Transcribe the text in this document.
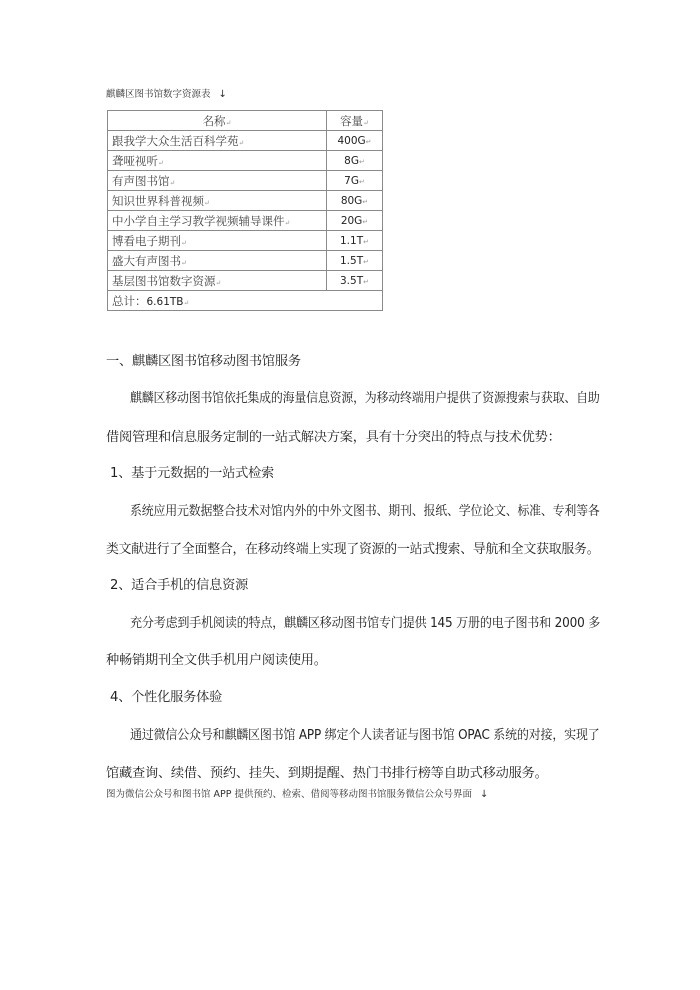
麒麟区图书馆数字资源表 ↓
名称↵	容量↵
跟我学大众生活百科学苑↵	400G↵
聋哑视听↵	8G↵
有声图书馆↵	7G↵
知识世界科普视频↵	80G↵
中小学自主学习教学视频辅导课件↵	20G↵
博看电子期刊↵	1.1T↵
盛大有声图书↵	1.5T↵
基层图书馆数字资源↵	3.5T↵
总计：6.61TB↵	
一、麒麟区图书馆移动图书馆服务
麒麟区移动图书馆依托集成的海量信息资源，为移动终端用户提供了资源搜索与获取、自助
借阅管理和信息服务定制的一站式解决方案，具有十分突出的特点与技术优势：
1、基于元数据的一站式检索
系统应用元数据整合技术对馆内外的中外文图书、期刊、报纸、学位论文、标准、专利等各
类文献进行了全面整合，在移动终端上实现了资源的一站式搜索、导航和全文获取服务。
2、适合手机的信息资源
充分考虑到手机阅读的特点，麒麟区移动图书馆专门提供 145 万册的电子图书和 2000 多
种畅销期刊全文供手机用户阅读使用。
4、个性化服务体验
通过微信公众号和麒麟区图书馆 APP 绑定个人读者证与图书馆 OPAC 系统的对接，实现了
馆藏查询、续借、预约、挂失、到期提醒、热门书排行榜等自助式移动服务。
图为微信公众号和图书馆 APP 提供预约、检索、借阅等移动图书馆服务微信公众号界面 ↓
